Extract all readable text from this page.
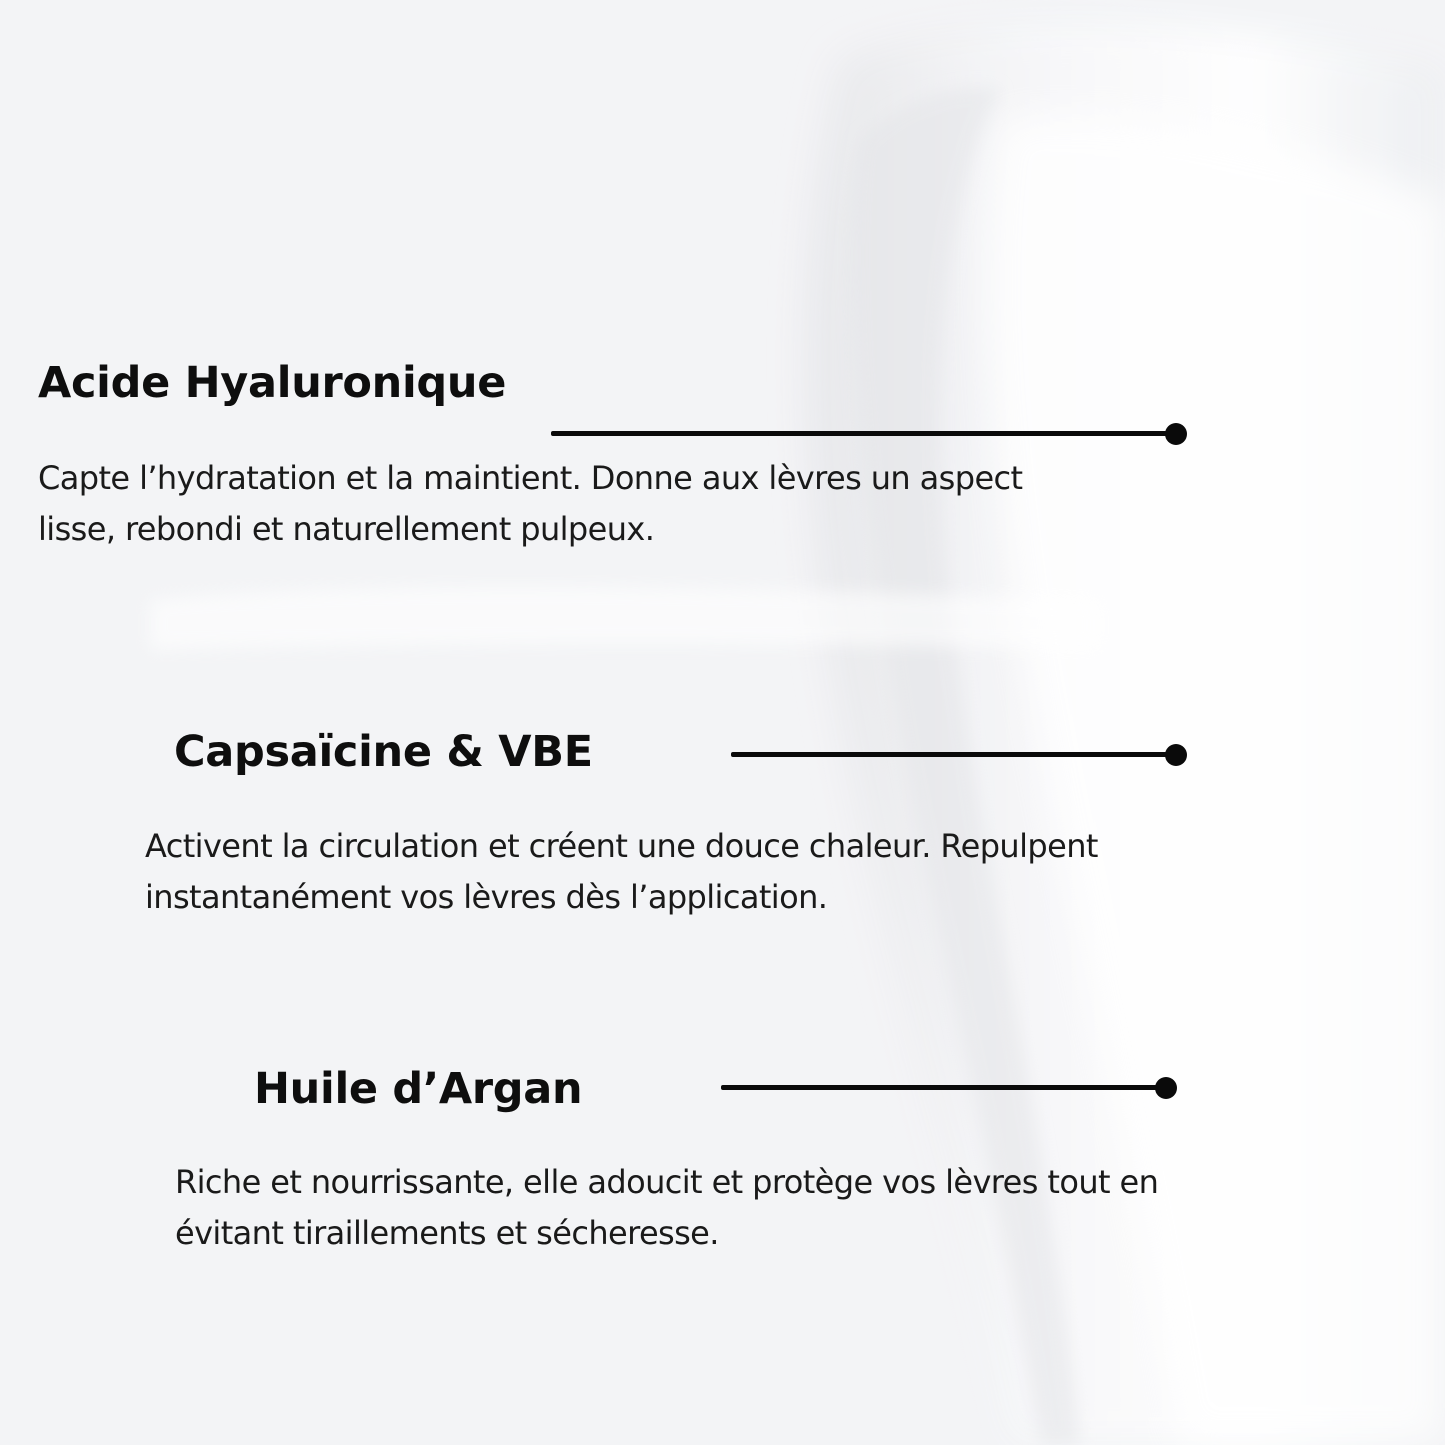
Acide Hyaluronique

Capte l’hydratation et la maintient. Donne aux lèvres un aspect

lisse, rebondi et naturellement pulpeux.

Capsaïcine & VBE

Activent la circulation et créent une douce chaleur. Repulpent

instantanément vos lèvres dès l’application.

Huile d’Argan

Riche et nourrissante, elle adoucit et protège vos lèvres tout en

évitant tiraillements et sécheresse.
